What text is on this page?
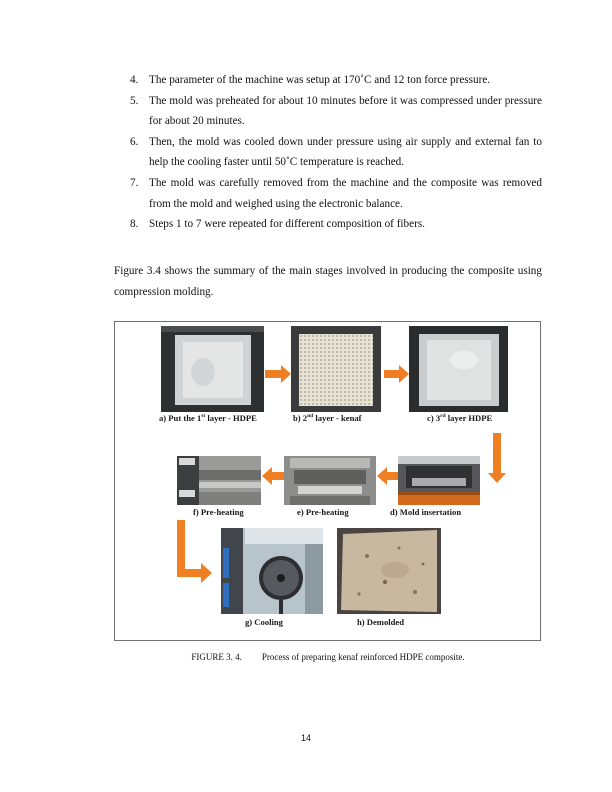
4. The parameter of the machine was setup at 170˚C and 12 ton force pressure.
5. The mold was preheated for about 10 minutes before it was compressed under pressure for about 20 minutes.
6. Then, the mold was cooled down under pressure using air supply and external fan to help the cooling faster until 50˚C temperature is reached.
7. The mold was carefully removed from the machine and the composite was removed from the mold and weighed using the electronic balance.
8. Steps 1 to 7 were repeated for different composition of fibers.

Figure 3.4 shows the summary of the main stages involved in producing the composite using compression molding.

a) Put the 1st layer - HDPE	b) 2nd layer - kenaf	c) 3rd layer HDPE
f) Pre-heating	e) Pre-heating	d) Mold insertation
g) Cooling	h) Demolded
FIGURE 3. 4. Process of preparing kenaf reinforced HDPE composite.
14
